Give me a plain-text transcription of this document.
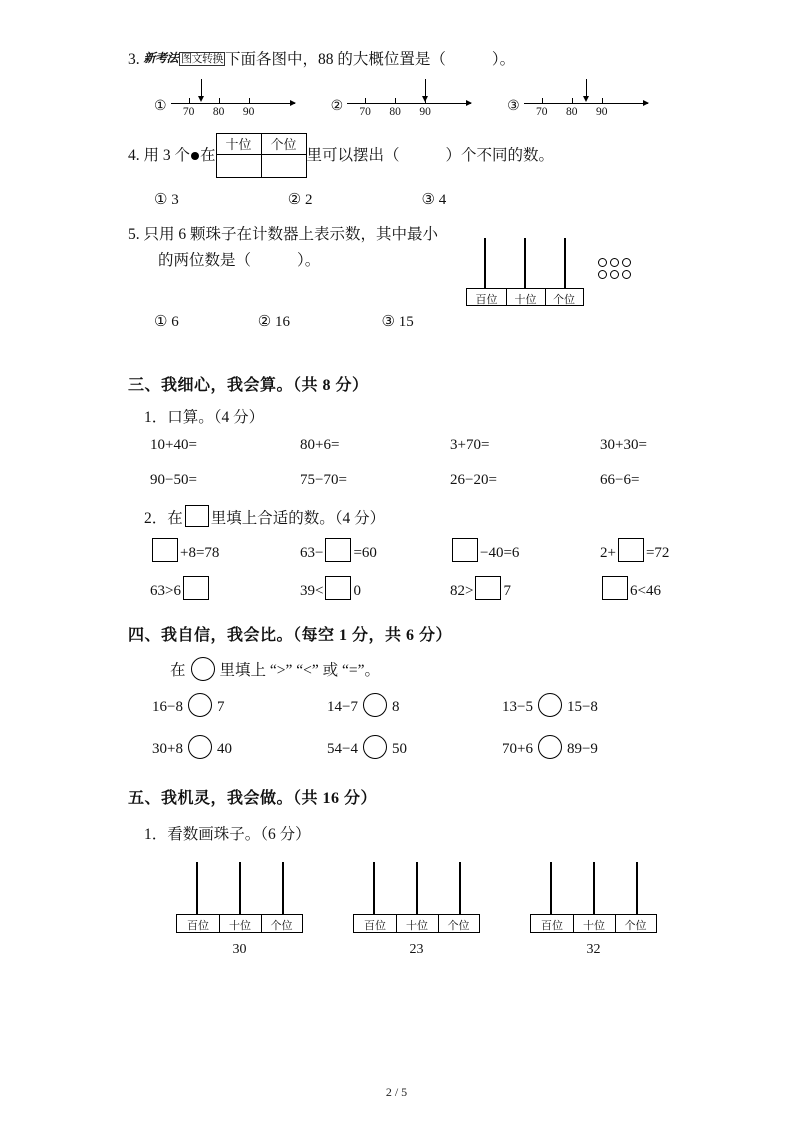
3. 新考法 图文转换 下面各图中，88 的大概位置是（	）。
① 70 80 90	② 70 80 90	③ 70 80 90
4.
用 3 个 在
十位	个位

里可以摆出（	）个不同的数。
① 3	② 2	③ 4
5. 只用 6 颗珠子在计数器上表示数，其中最小
的两位数是（	）。
百位	十位	个位
① 6	② 16	③ 15
三、我细心，我会算。（共 8 分）
1．口算。（4 分）
10+40=	80+6=	3+70=	30+30=
90−50=	75−70=	26−20=	66−6=
2．在 里填上合适的数。（4 分）
+8=78	63− =60	−40=6	2+ =72
63>6	39< 0	82> 7	6<46
四、我自信，我会比。（每空 1 分，共 6 分）
在 里填上 “>” “<” 或 “=”。
16−8 7	14−7 8	13−5 15−8
30+8 40	54−4 50	70+6 89−9
五、我机灵，我会做。（共 16 分）
1．看数画珠子。（6 分）
百位	十位	个位
30
百位	十位	个位
23
百位	十位	个位
32
2 / 5
